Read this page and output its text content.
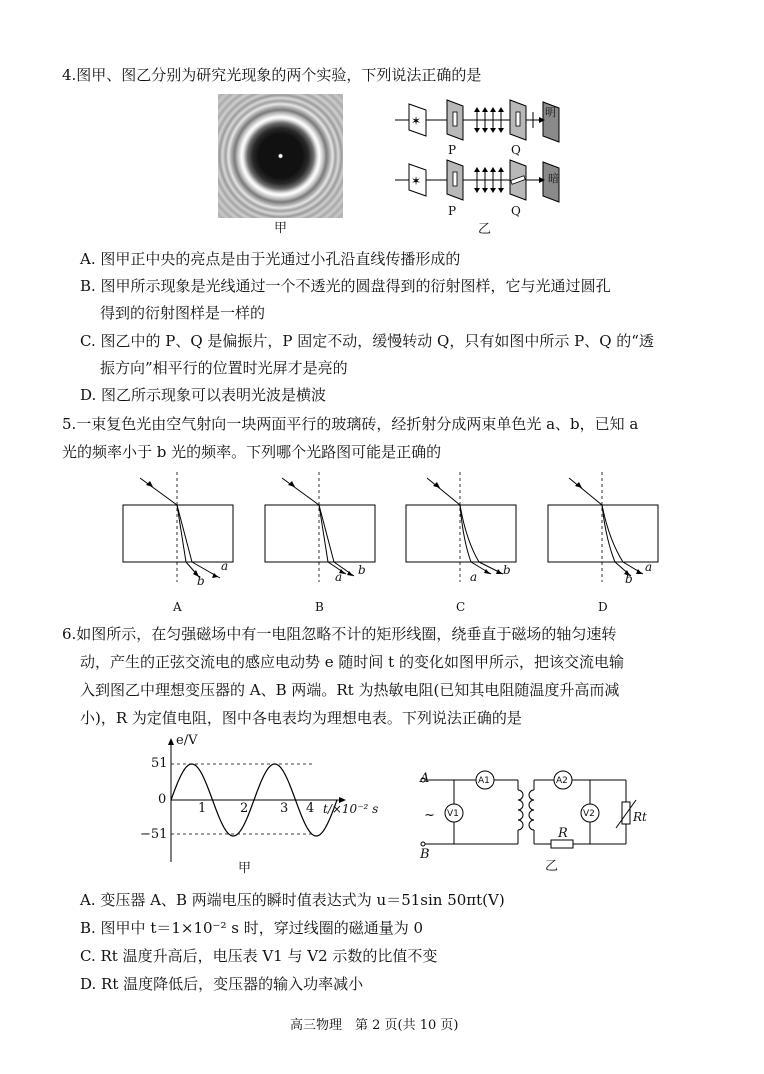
4.图甲、图乙分别为研究光现象的两个实验，下列说法正确的是
甲
✶
✶
P	Q
明
P	Q
暗
乙
A. 图甲正中央的亮点是由于光通过小孔沿直线传播形成的
B. 图甲所示现象是光线通过一个不透光的圆盘得到的衍射图样，它与光通过圆孔
得到的衍射图样是一样的
C. 图乙中的 P、Q 是偏振片，P 固定不动，缓慢转动 Q，只有如图中所示 P、Q 的“透
振方向”相平行的位置时光屏才是亮的
D. 图乙所示现象可以表明光波是横波
5.一束复色光由空气射向一块两面平行的玻璃砖，经折射分成两束单色光 a、b，已知 a
光的频率小于 b 光的频率。下列哪个光路图可能是正确的
b
a
A
a b
B
a b
C
b
a
D
6.如图所示，在匀强磁场中有一电阻忽略不计的矩形线圈，绕垂直于磁场的轴匀速转
动，产生的正弦交流电的感应电动势 e 随时间 t 的变化如图甲所示，把该交流电输
入到图乙中理想变压器的 A、B 两端。Rt 为热敏电阻(已知其电阻随温度升高而减
小)，R 为定值电阻，图中各电表均为理想电表。下列说法正确的是
e/V
51
0
−51
1	2 3 4 t/×10⁻² s
甲
A
B
~
A1
V1
A2
V2
R
Rt
乙
A. 变压器 A、B 两端电压的瞬时值表达式为 u＝51sin 50πt(V)
B. 图甲中 t＝1×10⁻² s 时，穿过线圈的磁通量为 0
C. Rt 温度升高后，电压表 V1 与 V2 示数的比值不变
D. Rt 温度降低后，变压器的输入功率减小
高三物理　第 2 页(共 10 页)
